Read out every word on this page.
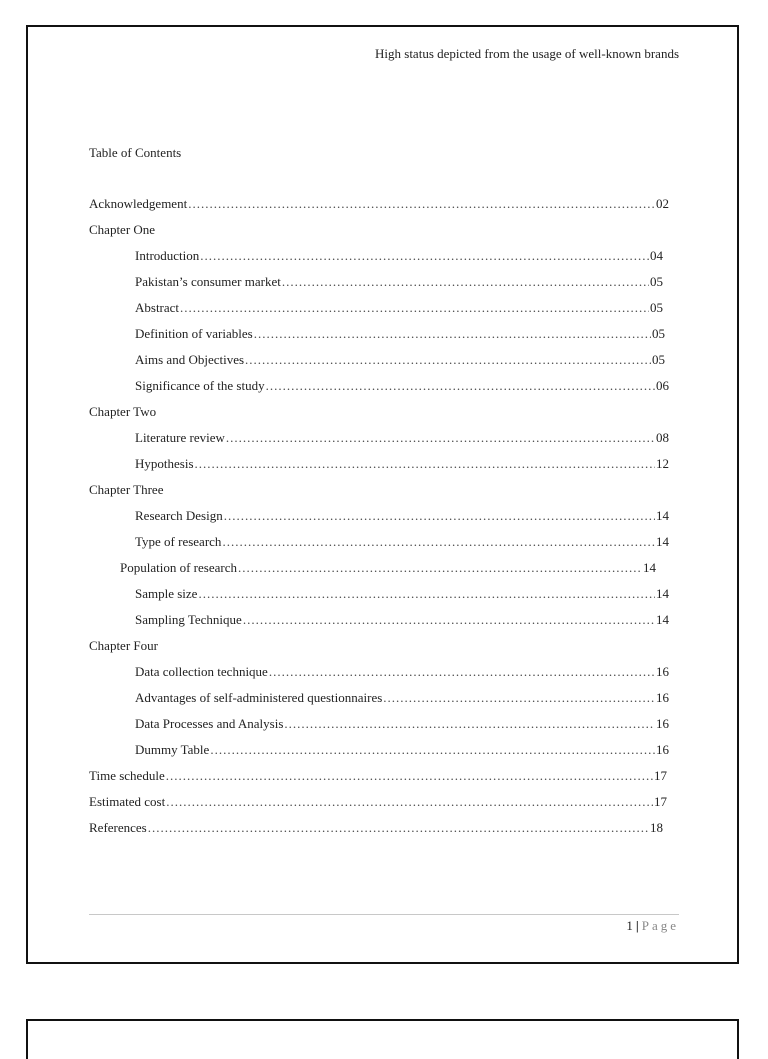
High status depicted from the usage of well-known brands
Table of Contents
Acknowledgement .....	02
Chapter One
Introduction .....	04
Pakistan’s consumer market .....	05
Abstract .....	05
Definition of variables .....	05
Aims and Objectives .....	05
Significance of the study .....	06
Chapter Two
Literature review .....	08
Hypothesis .....	12
Chapter Three
Research Design .....	14
Type of research .....	14
Population of research .....	14
Sample size .....	14
Sampling Technique .....	14
Chapter Four
Data collection technique .....	16
Advantages of self-administered questionnaires .....	16
Data Processes and Analysis .....	16
Dummy Table .....	16
Time schedule .....	17
Estimated cost .....	17
References .....	18
1 | Page
